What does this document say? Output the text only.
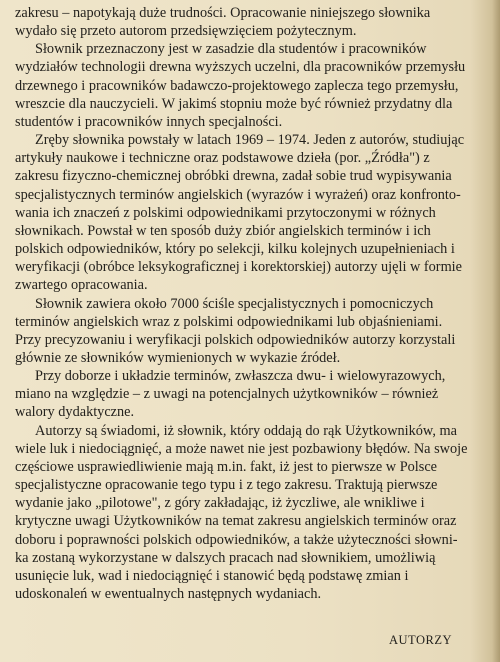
zakresu – napotykają duże trudności. Opracowanie niniejszego słownika
wydało się przeto autorom przedsięwzięciem pożytecznym.

Słownik przeznaczony jest w zasadzie dla studentów i pracowników
wydziałów technologii drewna wyższych uczelni, dla pracowników przemysłu
drzewnego i pracowników badawczo-projektowego zaplecza tego przemysłu,
wreszcie dla nauczycieli. W jakimś stopniu może być również przydatny dla
studentów i pracowników innych specjalności.

Zręby słownika powstały w latach 1969 – 1974. Jeden z autorów, studiując
artykuły naukowe i techniczne oraz podstawowe dzieła (por. „Źródła") z
zakresu fizyczno-chemicznej obróbki drewna, zadał sobie trud wypisywania
specjalistycznych terminów angielskich (wyrazów i wyrażeń) oraz konfronto-
wania ich znaczeń z polskimi odpowiednikami przytoczonymi w różnych
słownikach. Powstał w ten sposób duży zbiór angielskich terminów i ich
polskich odpowiedników, który po selekcji, kilku kolejnych uzupełnieniach i
weryfikacji (obróbce leksykograficznej i korektorskiej) autorzy ujęli w formie
zwartego opracowania.

Słownik zawiera około 7000 ściśle specjalistycznych i pomocniczych
terminów angielskich wraz z polskimi odpowiednikami lub objaśnieniami.
Przy precyzowaniu i weryfikacji polskich odpowiedników autorzy korzystali
głównie ze słowników wymienionych w wykazie źródeł.

Przy doborze i układzie terminów, zwłaszcza dwu- i wielowyrazowych,
miano na względzie – z uwagi na potencjalnych użytkowników – również
walory dydaktyczne.

Autorzy są świadomi, iż słownik, który oddają do rąk Użytkowników, ma
wiele luk i niedociągnięć, a może nawet nie jest pozbawiony błędów. Na swoje
częściowe usprawiedliwienie mają m.in. fakt, iż jest to pierwsze w Polsce
specjalistyczne opracowanie tego typu i z tego zakresu. Traktują pierwsze
wydanie jako „pilotowe", z góry zakładając, iż życzliwe, ale wnikliwe i
krytyczne uwagi Użytkowników na temat zakresu angielskich terminów oraz
doboru i poprawności polskich odpowiedników, a także użyteczności słowni-
ka zostaną wykorzystane w dalszych pracach nad słownikiem, umożliwią
usunięcie luk, wad i niedociągnięć i stanowić będą podstawę zmian i
udoskonaleń w ewentualnych następnych wydaniach.

AUTORZY
